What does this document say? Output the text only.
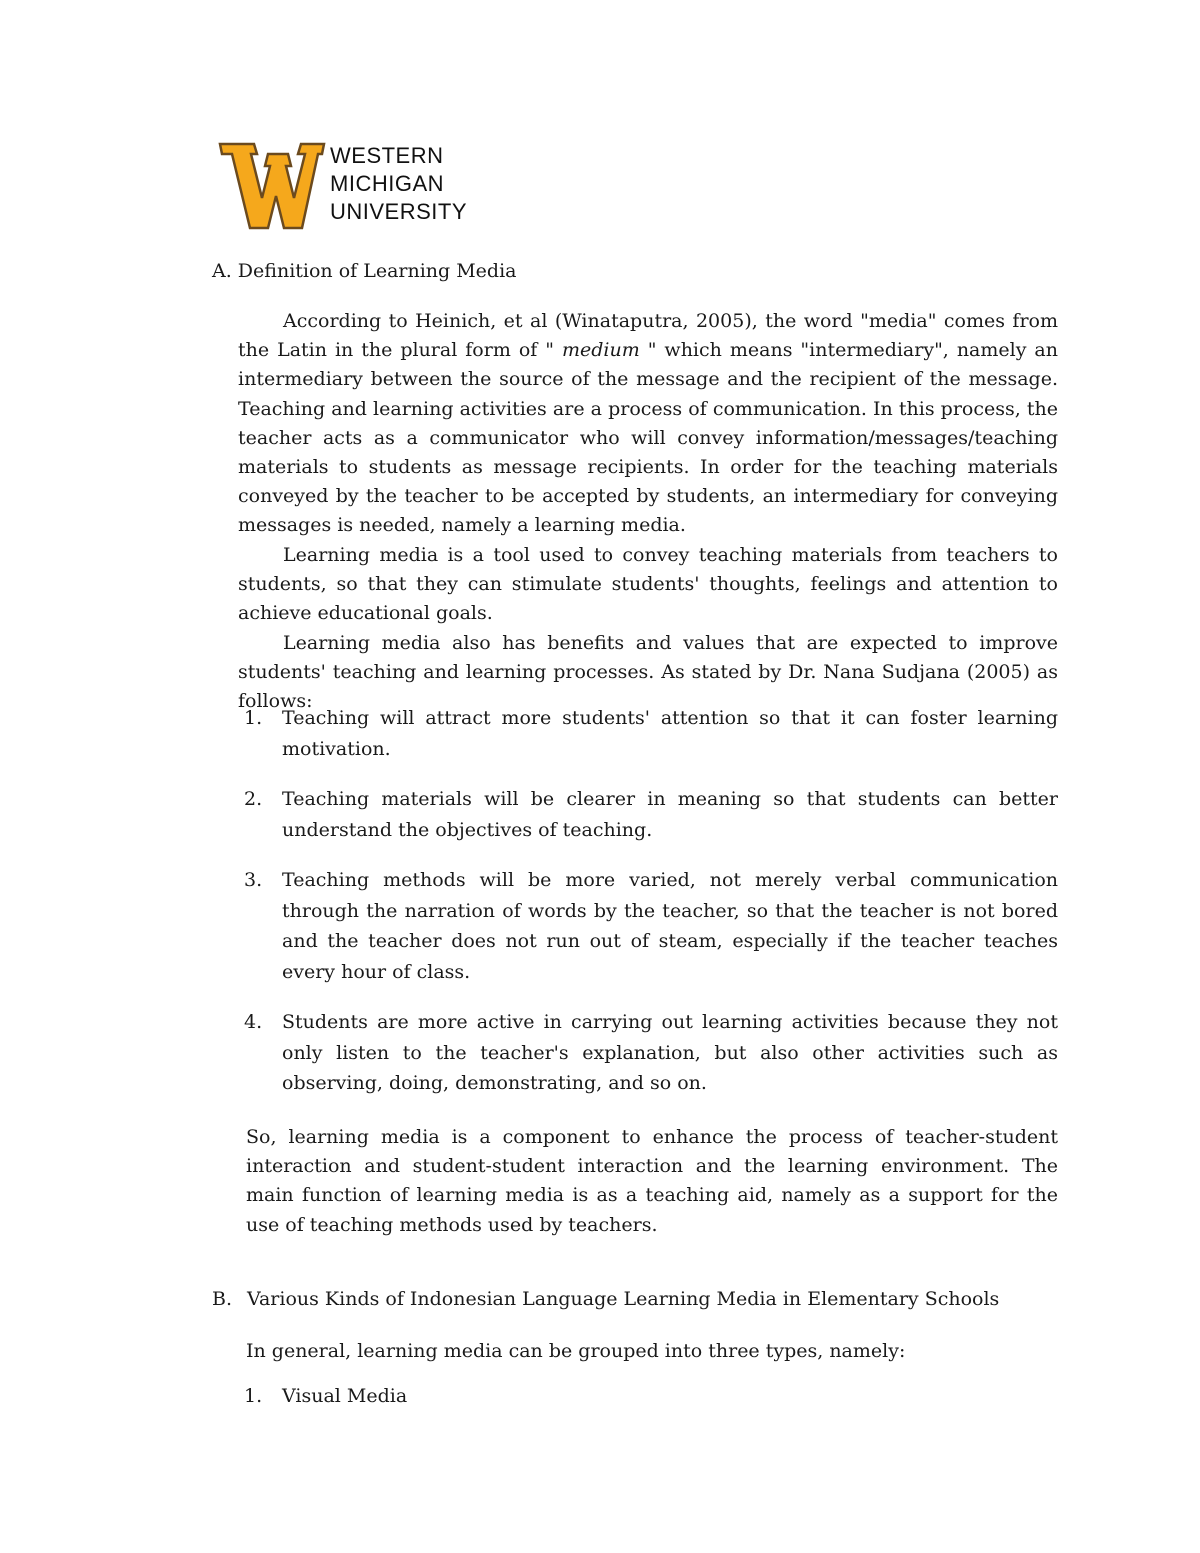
WESTERN
MICHIGAN
UNIVERSITY
A. Definition of Learning Media

According to Heinich, et al (Winataputra, 2005), the word "media" comes from the Latin in the plural form of " medium " which means "intermediary", namely an intermediary between the source of the message and the recipient of the message. Teaching and learning activities are a process of communication. In this process, the teacher acts as a communicator who will convey information/messages/teaching materials to students as message recipients. In order for the teaching materials conveyed by the teacher to be accepted by students, an intermediary for conveying messages is needed, namely a learning media.

Learning media is a tool used to convey teaching materials from teachers to students, so that they can stimulate students' thoughts, feelings and attention to achieve educational goals.

Learning media also has benefits and values that are expected to improve students' teaching and learning processes. As stated by Dr. Nana Sudjana (2005) as follows:

1. Teaching will attract more students' attention so that it can foster learning motivation.
2. Teaching materials will be clearer in meaning so that students can better understand the objectives of teaching.
3. Teaching methods will be more varied, not merely verbal communication through the narration of words by the teacher, so that the teacher is not bored and the teacher does not run out of steam, especially if the teacher teaches every hour of class.
4. Students are more active in carrying out learning activities because they not only listen to the teacher's explanation, but also other activities such as observing, doing, demonstrating, and so on.

So, learning media is a component to enhance the process of teacher-student interaction and student-student interaction and the learning environment. The main function of learning media is as a teaching aid, namely as a support for the use of teaching methods used by teachers.

B. Various Kinds of Indonesian Language Learning Media in Elementary Schools
In general, learning media can be grouped into three types, namely:
1. Visual Media
